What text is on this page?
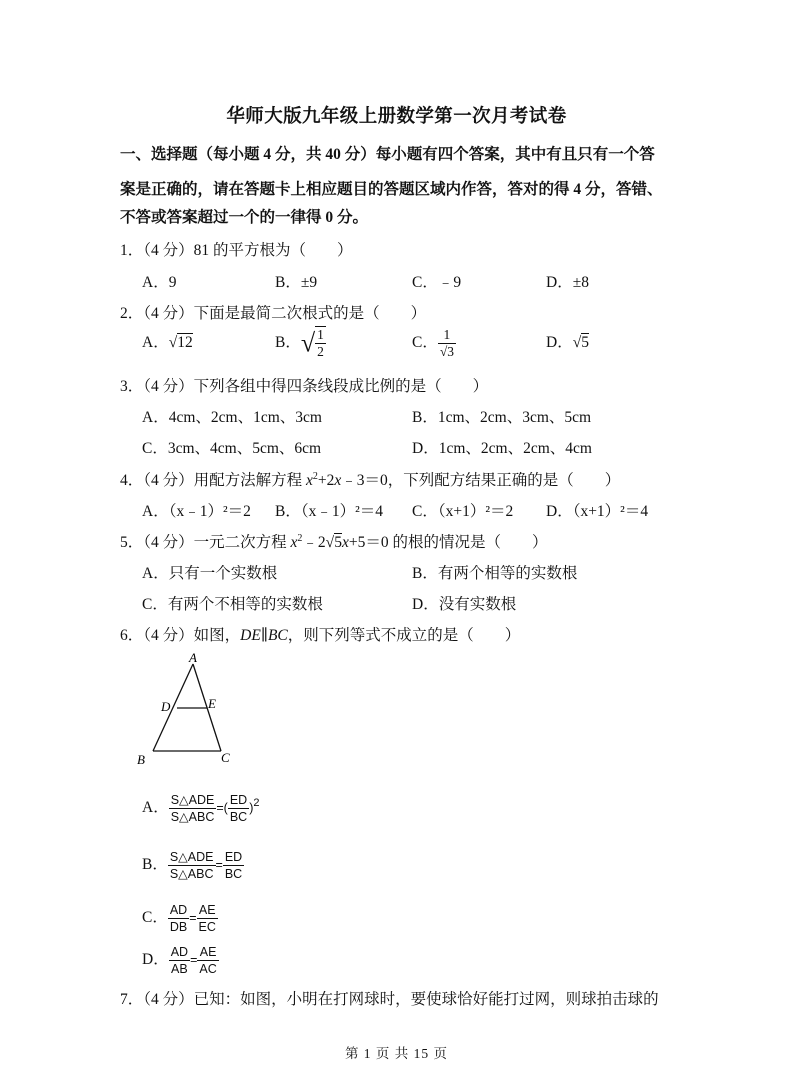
华师大版九年级上册数学第一次月考试卷
一、选择题（每小题 4 分，共 40 分）每小题有四个答案，其中有且只有一个答
案是正确的，请在答题卡上相应题目的答题区域内作答，答对的得 4 分，答错、
不答或答案超过一个的一律得 0 分。
1．（4 分）81 的平方根为（　　）
A．9	B．±9	C．﹣9	D．±8
2．（4 分）下面是最简二次根式的是（　　）
A．√12	B．√ $\frac{1}{2}$	C． $\frac{1}{√3}$	D．√5
3．（4 分）下列各组中得四条线段成比例的是（　　）
A．4cm、2cm、1cm、3cm	B．1cm、2cm、3cm、5cm
C．3cm、4cm、5cm、6cm	D．1cm、2cm、2cm、4cm
4．（4 分）用配方法解方程 $x^2+2x﹣3=0$，下列配方结果正确的是（　　）
A．（x﹣1）²＝2 B．（x﹣1）²＝4 C．（x+1）²＝2 D．（x+1）²＝4
5．（4 分）一元二次方程 $x^2﹣2√5x+5=0$ 的根的情况是（　　）
A．只有一个实数根	B．有两个相等的实数根
C．有两个不相等的实数根	D．没有实数根
6．（4 分）如图，DE∥BC，则下列等式不成立的是（　　）
A
B	C
D	E
A． $\frac{\text{S△ADE}}{\text{S△ABC}}$ =( $\frac{ED}{BC} )^2$
B． $\frac{\text{S△ADE}}{\text{S△ABC}} = \frac{ED}{BC}$
C． $\frac{AD}{DB} = \frac{AE}{EC}$
D． $\frac{AD}{AB} = \frac{AE}{AC}$
7．（4 分）已知：如图，小明在打网球时，要使球恰好能打过网，则球拍击球的
第 1 页 共 15 页
